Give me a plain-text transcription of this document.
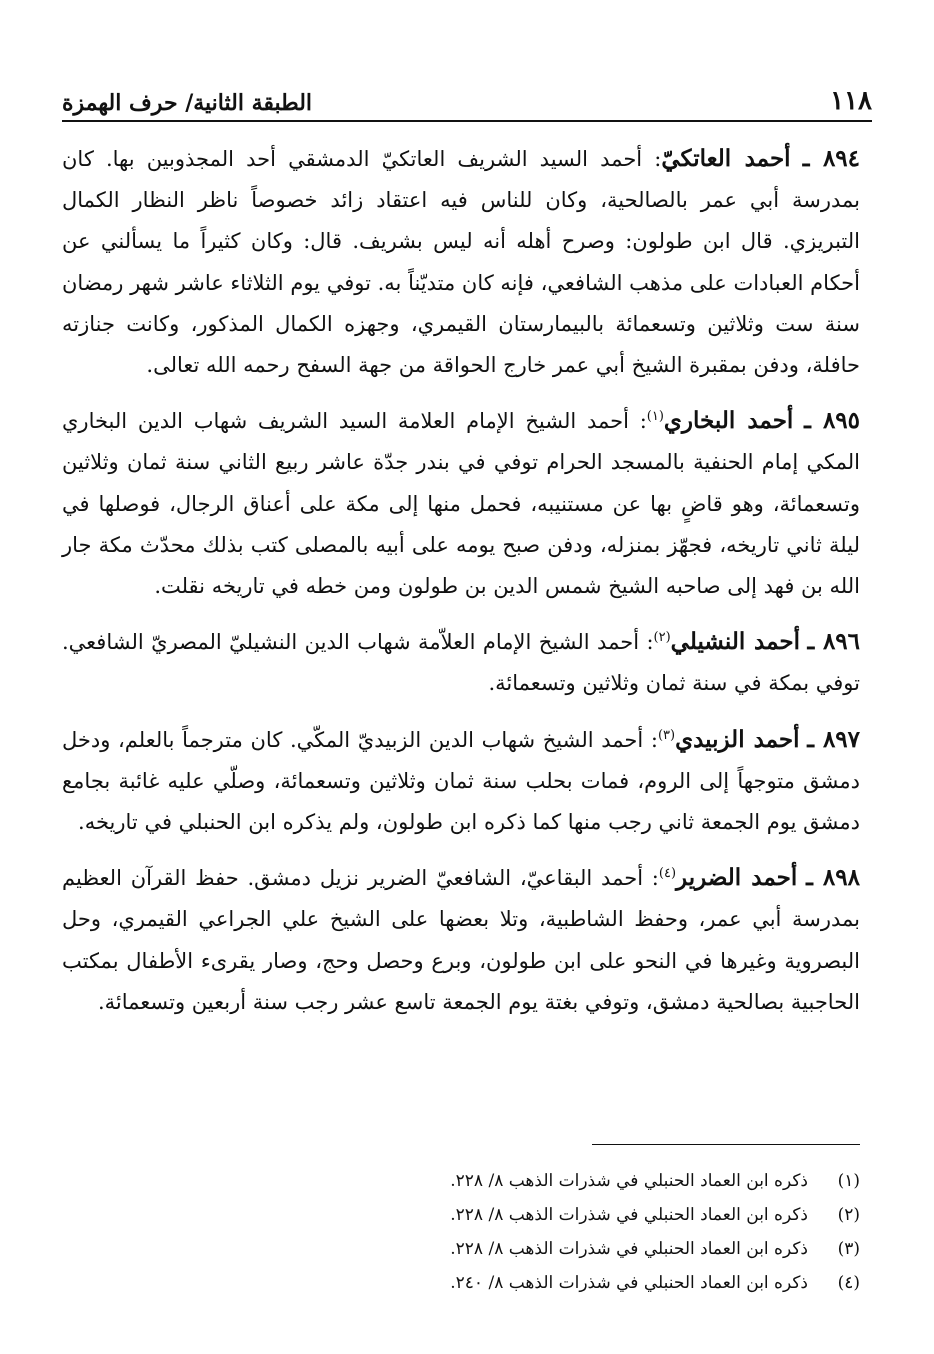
الطبقة الثانية/ حرف الهمزة	١١٨

٨٩٤ ـ أحمد العاتكيّ: أحمد السيد الشريف العاتكيّ الدمشقي أحد المجذوبين بها. كان بمدرسة أبي عمر بالصالحية، وكان للناس فيه اعتقاد زائد خصوصاً ناظر النظار الكمال التبريزي. قال ابن طولون: وصرح أهله أنه ليس بشريف. قال: وكان كثيراً ما يسألني عن أحكام العبادات على مذهب الشافعي، فإنه كان متديّناً به. توفي يوم الثلاثاء عاشر شهر رمضان سنة ست وثلاثين وتسعمائة بالبيمارستان القيمري، وجهزه الكمال المذكور، وكانت جنازته حافلة، ودفن بمقبرة الشيخ أبي عمر خارج الحواقة من جهة السفح رحمه الله تعالى.

٨٩٥ ـ أحمد البخاري$^{(١)}$: أحمد الشيخ الإمام العلامة السيد الشريف شهاب الدين البخاري المكي إمام الحنفية بالمسجد الحرام توفي في بندر جدّة عاشر ربيع الثاني سنة ثمان وثلاثين وتسعمائة، وهو قاضٍ بها عن مستنيبه، فحمل منها إلى مكة على أعناق الرجال، فوصلها في ليلة ثاني تاريخه، فجهّز بمنزله، ودفن صبح يومه على أبيه بالمصلى كتب بذلك محدّث مكة جار الله بن فهد إلى صاحبه الشيخ شمس الدين بن طولون ومن خطه في تاريخه نقلت.

٨٩٦ ـ أحمد النشيلي$^{(٢)}$: أحمد الشيخ الإمام العلاّمة شهاب الدين النشيليّ المصريّ الشافعي. توفي بمكة في سنة ثمان وثلاثين وتسعمائة.

٨٩٧ ـ أحمد الزبيدي$^{(٣)}$: أحمد الشيخ شهاب الدين الزبيديّ المكّي. كان مترجماً بالعلم، ودخل دمشق متوجهاً إلى الروم، فمات بحلب سنة ثمان وثلاثين وتسعمائة، وصلّي عليه غائبة بجامع دمشق يوم الجمعة ثاني رجب منها كما ذكره ابن طولون، ولم يذكره ابن الحنبلي في تاريخه.

٨٩٨ ـ أحمد الضرير$^{(٤)}$: أحمد البقاعيّ، الشافعيّ الضرير نزيل دمشق. حفظ القرآن العظيم بمدرسة أبي عمر، وحفظ الشاطبية، وتلا بعضها على الشيخ علي الجراعي القيمري، وحل البصروية وغيرها في النحو على ابن طولون، وبرع وحصل وحج، وصار يقرىء الأطفال بمكتب الحاجبية بصالحية دمشق، وتوفي بغتة يوم الجمعة تاسع عشر رجب سنة أربعين وتسعمائة.

(١)
ذكره ابن العماد الحنبلي في شذرات الذهب ٨/ ٢٢٨.
(٢)
ذكره ابن العماد الحنبلي في شذرات الذهب ٨/ ٢٢٨.
(٣)
ذكره ابن العماد الحنبلي في شذرات الذهب ٨/ ٢٢٨.
(٤)
ذكره ابن العماد الحنبلي في شذرات الذهب ٨/ ٢٤٠.
